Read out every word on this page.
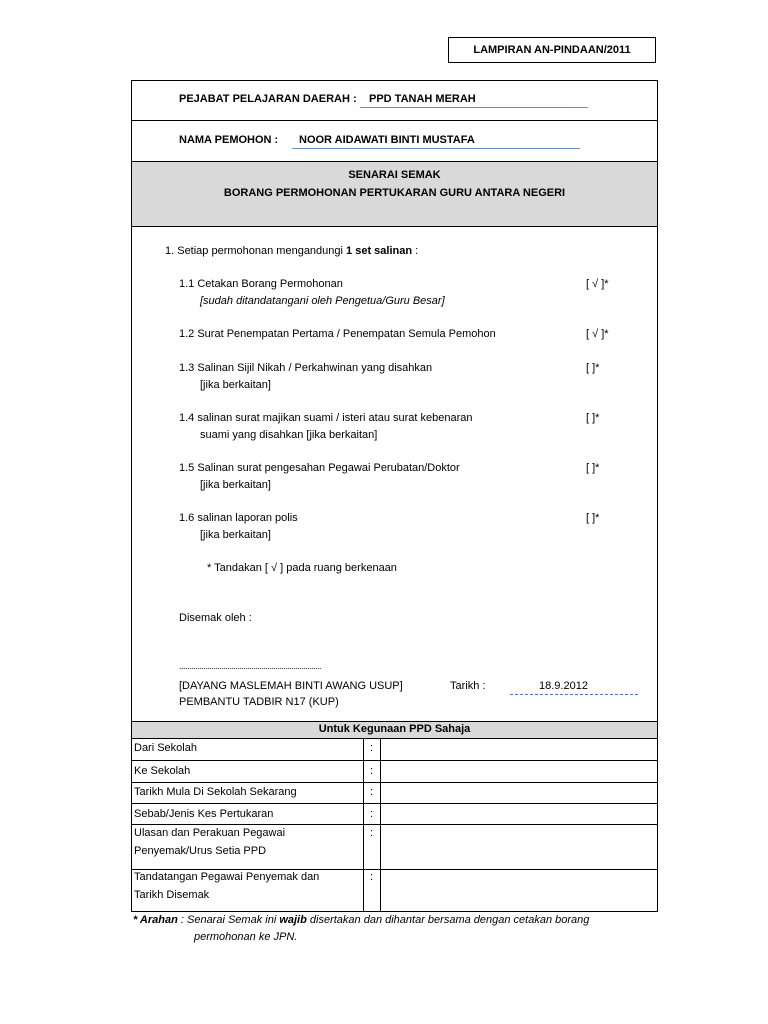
LAMPIRAN AN-PINDAAN/2011
PEJABAT PELAJARAN DAERAH : PPD TANAH MERAH
NAMA PEMOHON : NOOR AIDAWATI BINTI MUSTAFA
SENARAI SEMAK
BORANG PERMOHONAN PERTUKARAN GURU ANTARA NEGERI
1. Setiap permohonan mengandungi 1 set salinan :
1.1 Cetakan Borang Permohonan
[sudah ditandatangani oleh Pengetua/Guru Besar]
[ √ ]*
1.2 Surat Penempatan Pertama / Penempatan Semula Pemohon	[ √ ]*
1.3 Salinan Sijil Nikah / Perkahwinan yang disahkan
[jika berkaitan]
[ ]*
1.4 salinan surat majikan suami / isteri atau surat kebenaran
suami yang disahkan [jika berkaitan]
[ ]*
1.5 Salinan surat pengesahan Pegawai Perubatan/Doktor
[jika berkaitan]
[ ]*
1.6 salinan laporan polis
[jika berkaitan]
[ ]*
* Tandakan [ √ ] pada ruang berkenaan
Disemak oleh :
.......................................................................
[DAYANG MASLEMAH BINTI AWANG USUP]
PEMBANTU TADBIR N17 (KUP)
Tarikh :	18.9.2012
Untuk Kegunaan PPD Sahaja
Dari Sekolah	:
Ke Sekolah	:
Tarikh Mula Di Sekolah Sekarang	:
Sebab/Jenis Kes Pertukaran	:
Ulasan dan Perakuan Pegawai
Penyemak/Urus Setia PPD
:
Tandatangan Pegawai Penyemak dan
Tarikh Disemak
:
* Arahan : Senarai Semak ini wajib disertakan dan dihantar bersama dengan cetakan borang
permohonan ke JPN.
